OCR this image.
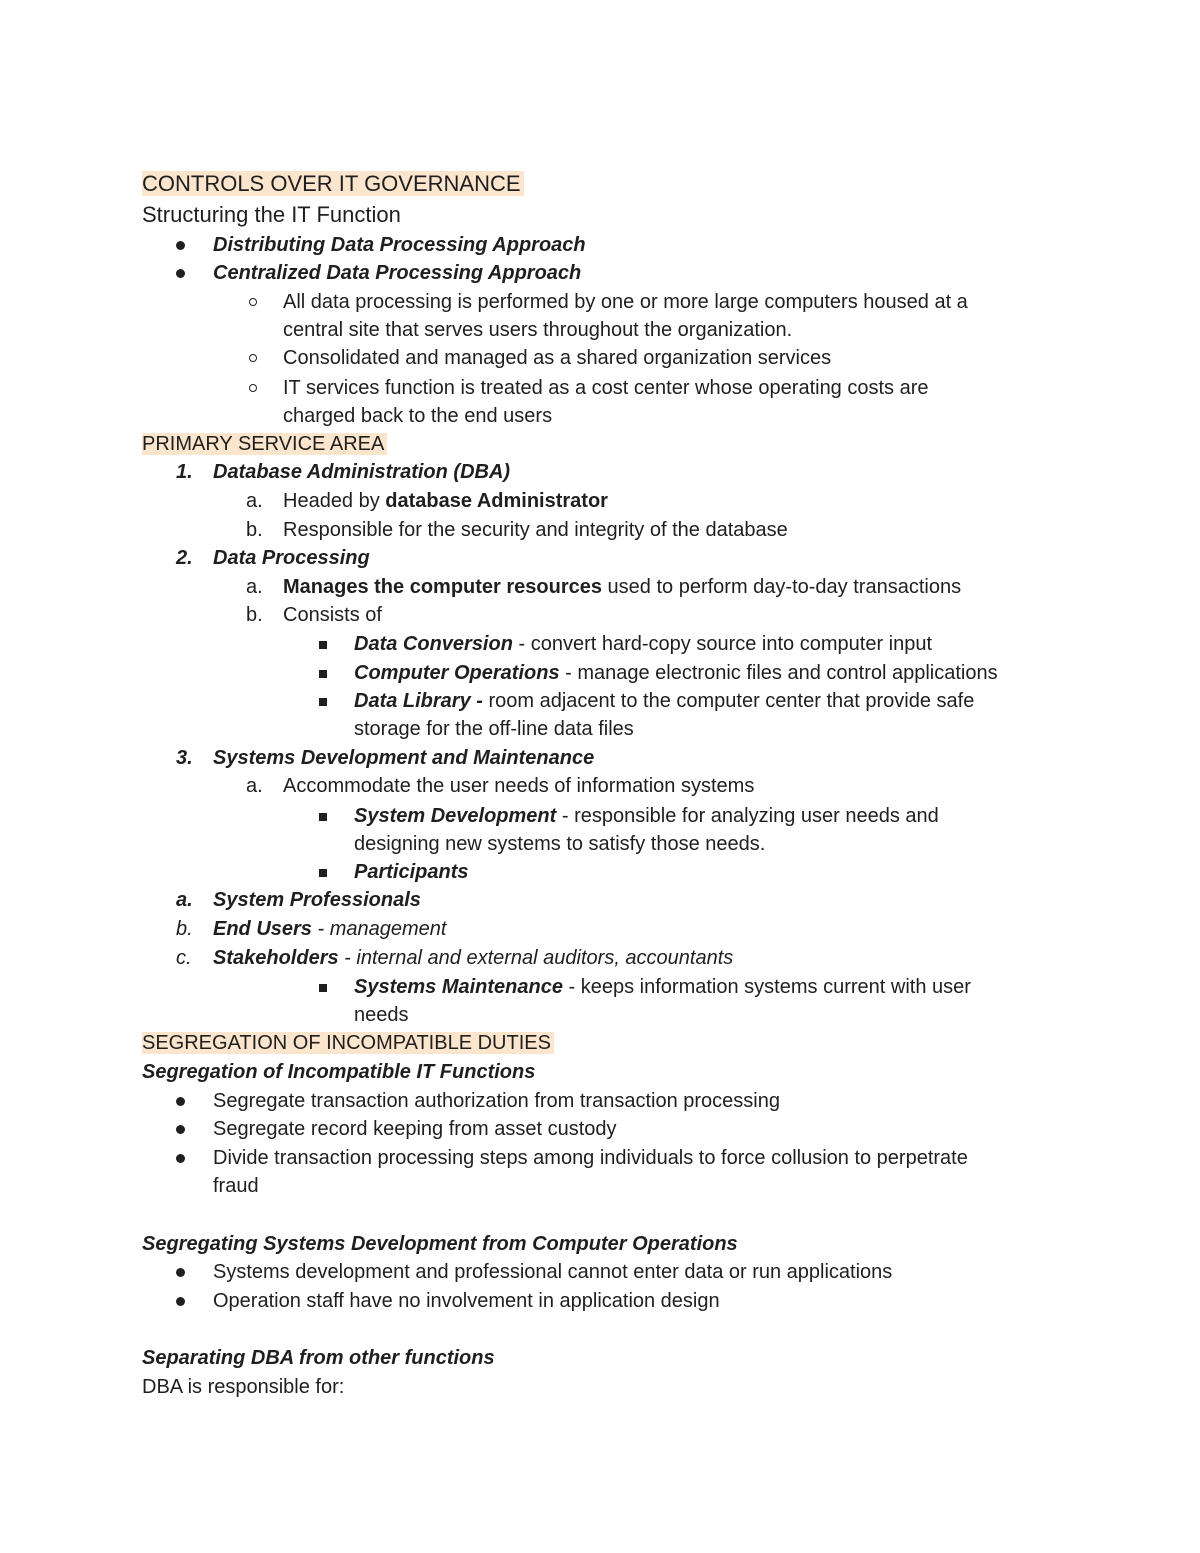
CONTROLS OVER IT GOVERNANCE
Structuring the IT Function
Distributing Data Processing Approach
Centralized Data Processing Approach
All data processing is performed by one or more large computers housed at a
central site that serves users throughout the organization.
Consolidated and managed as a shared organization services
IT services function is treated as a cost center whose operating costs are
charged back to the end users
PRIMARY SERVICE AREA
1. Database Administration (DBA)
a. Headed by database Administrator
b. Responsible for the security and integrity of the database
2. Data Processing
a. Manages the computer resources used to perform day-to-day transactions
b. Consists of
Data Conversion - convert hard-copy source into computer input
Computer Operations - manage electronic files and control applications
Data Library - room adjacent to the computer center that provide safe
storage for the off-line data files
3. Systems Development and Maintenance
a. Accommodate the user needs of information systems
System Development - responsible for analyzing user needs and
designing new systems to satisfy those needs.
Participants
a. System Professionals
b. End Users - management
c. Stakeholders - internal and external auditors, accountants
Systems Maintenance - keeps information systems current with user
needs
SEGREGATION OF INCOMPATIBLE DUTIES
Segregation of Incompatible IT Functions
Segregate transaction authorization from transaction processing
Segregate record keeping from asset custody
Divide transaction processing steps among individuals to force collusion to perpetrate
fraud
Segregating Systems Development from Computer Operations
Systems development and professional cannot enter data or run applications
Operation staff have no involvement in application design
Separating DBA from other functions
DBA is responsible for:
